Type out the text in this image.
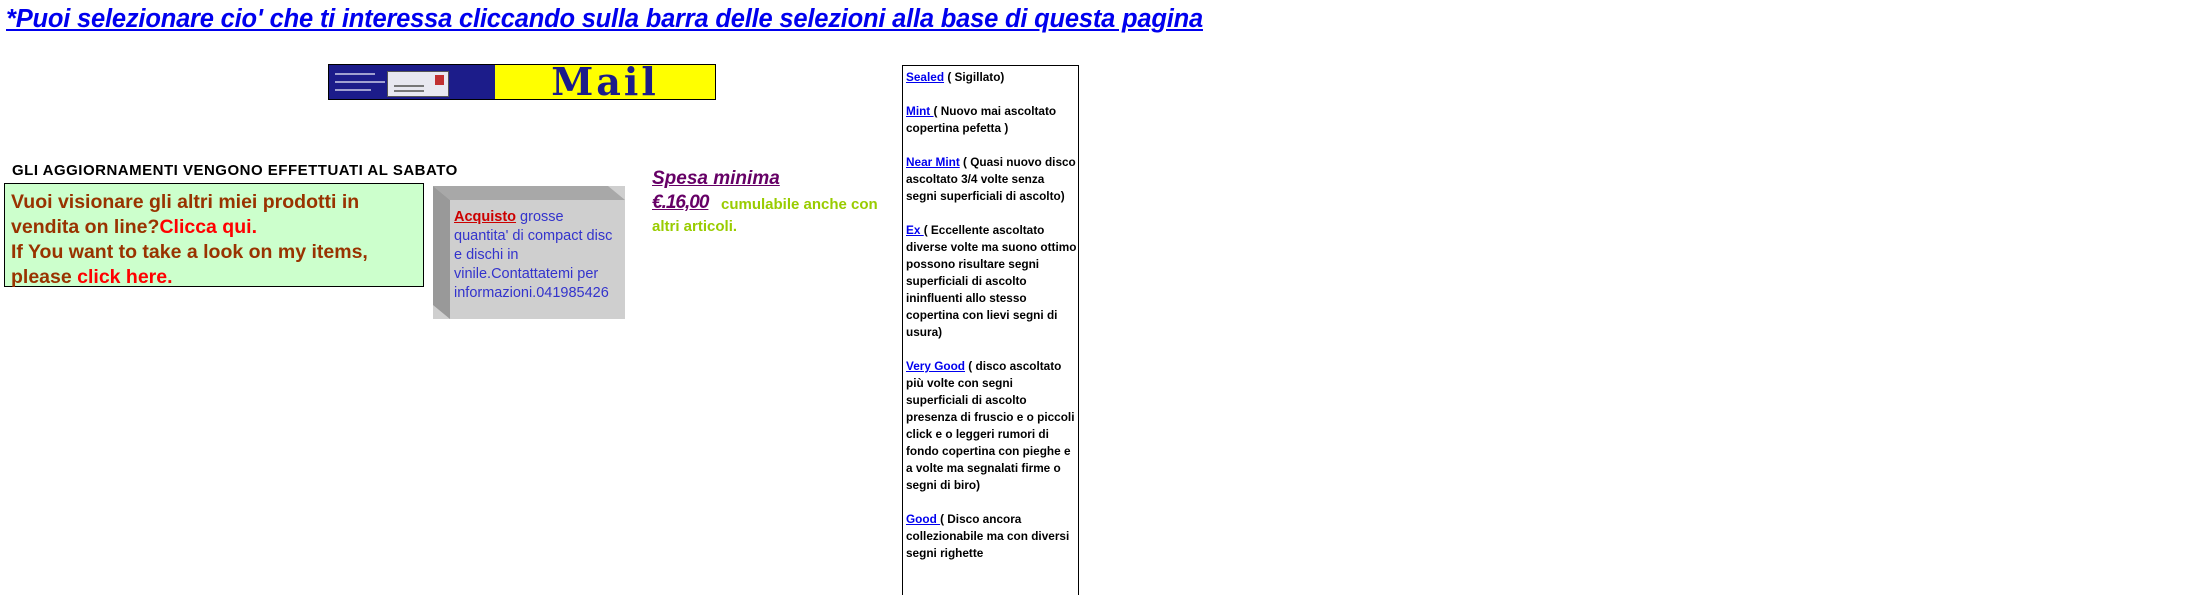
*Puoi selezionare cio' che ti interessa cliccando sulla barra delle selezioni alla base di questa pagina
Mail
GLI AGGIORNAMENTI VENGONO EFFETTUATI AL SABATO
Vuoi visionare gli altri miei prodotti in
vendita on line?Clicca qui.
If You want to take a look on my items,
please click here.
Acquisto grosse quantita' di compact disc e dischi in vinile.Contattatemi per informazioni.041985426
Spesa minima
€.16,00 cumulabile anche con
altri articoli.
Sealed ( Sigillato)
Mint ( Nuovo mai ascoltato copertina pefetta )
Near Mint ( Quasi nuovo disco ascoltato 3/4 volte senza segni superficiali di ascolto)
Ex ( Eccellente ascoltato diverse volte ma suono ottimo possono risultare segni superficiali di ascolto ininfluenti allo stesso copertina con lievi segni di usura)
Very Good ( disco ascoltato più volte con segni superficiali di ascolto presenza di fruscio e o piccoli click e o leggeri rumori di fondo copertina con pieghe e a volte ma segnalati firme o segni di biro)
Good ( Disco ancora collezionabile ma con diversi segni righette
